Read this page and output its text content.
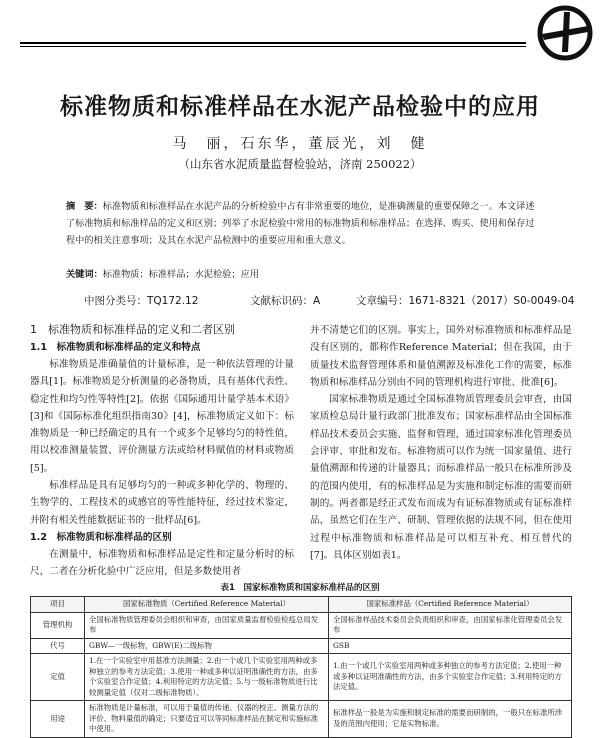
标准物质和标准样品在水泥产品检验中的应用
马　丽，石东华，董辰光，刘　健
（山东省水泥质量监督检验站，济南 250022）
摘　要：标准物质和标准样品在水泥产品的分析检验中占有非常重要的地位，是准确测量的重要保障之一。本文译述了标准物质和标准样品的定义和区别；列举了水泥检验中常用的标准物质和标准样品；在选择、购买、使用和保存过程中的相关注意事项；及其在水泥产品检测中的重要应用和重大意义。
关键词：标准物质；标准样品；水泥检验；应用
中图分类号：TQ172.12	文献标识码：A	文章编号：1671-8321（2017）S0-0049-04
1　标准物质和标准样品的定义和二者区别
1.1　标准物质和标准样品的定义和特点

标准物质是准确量值的计量标准，是一种依法管理的计量器具[1]。标准物质是分析测量的必备物质，具有基体代表性、稳定性和均匀性等特性[2]。依据《国际通用计量学基本术语》[3]和《国际标准化组织指南30》[4]，标准物质定义如下：标准物质是一种已经确定的具有一个或多个足够均匀的特性值，用以校准测量装置、评价测量方法或给材料赋值的材料或物质[5]。

标准样品是具有足够均匀的一种或多种化学的、物理的、生物学的、工程技术的或感官的等性能特征，经过技术鉴定，并附有相关性能数据证书的一批样品[6]。

1.2　标准物质和标准样品的区别

在测量中，标准物质和标准样品是定性和定量分析时的标尺，二者在分析化验中广泛应用，但是多数使用者

并不清楚它们的区别。事实上，国外对标准物质和标准样品是没有区别的，都称作Reference Material；但在我国，由于质量技术监督管理体系和量值溯源及标准化工作的需要，标准物质和标准样品分别由不同的管理机构进行审批、批准[6]。

国家标准物质是通过全国标准物质管理委员会审查，由国家质检总局计量行政部门批准发布；国家标准样品由全国标准样品技术委员会实施、监督和管理，通过国家标准化管理委员会评审、审批和发布。标准物质可以作为统一国家量值、进行量值溯源和传递的计量器具；而标准样品一般只在标准所涉及的范围内使用，有的标准样品是为实施和制定标准的需要而研制的。两者都是经正式发布而成为有证标准物质或有证标准样品，虽然它们在生产、研制、管理依据的法规不同，但在使用过程中标准物质和标准样品是可以相互补充、相互替代的[7]。具体区别如表1。

表1　国家标准物质和国家标准样品的区别
项目	国家标准物质（Certified Reference Material）	国家标准样品（Certified Reference Material）
管理机构	全国标准物质管理委员会组织和审查，由国家质量监督检验检疫总局发布	全国标准样品技术委员会负责组织和审查，由国家标准化管理委员会发布
代号	GBW—一级标物，GBW(E)二级标物	GSB
定值	1.在一个实验室中用基准方法测量；2.由一个或几个实验室用两种或多种独立的参考方法定值；3.使用一种或多种以证明准确性的方法，由多个实验室合作定值；4.利用特定的方法定值；5.与一级标准物质进行比较测量定值（仅对二级标准物质）。	1.由一个或几个实验室用两种或多种独立的参考方法定值；2.使用一种或多种以证明准确性的方法，由多个实验室合作定值；3.利用特定的方法定值。
用途	标准物质是计量标准，可以用于量值的传递、仪器的校正、测量方法的评价、物料量值的确定；只要适宜可以等同标准样品在制定和实施标准中使用。	标准样品一般是为实施和制定标准的需要而研制的，一般只在标准所涉及的范围内使用；它是实物标准。
